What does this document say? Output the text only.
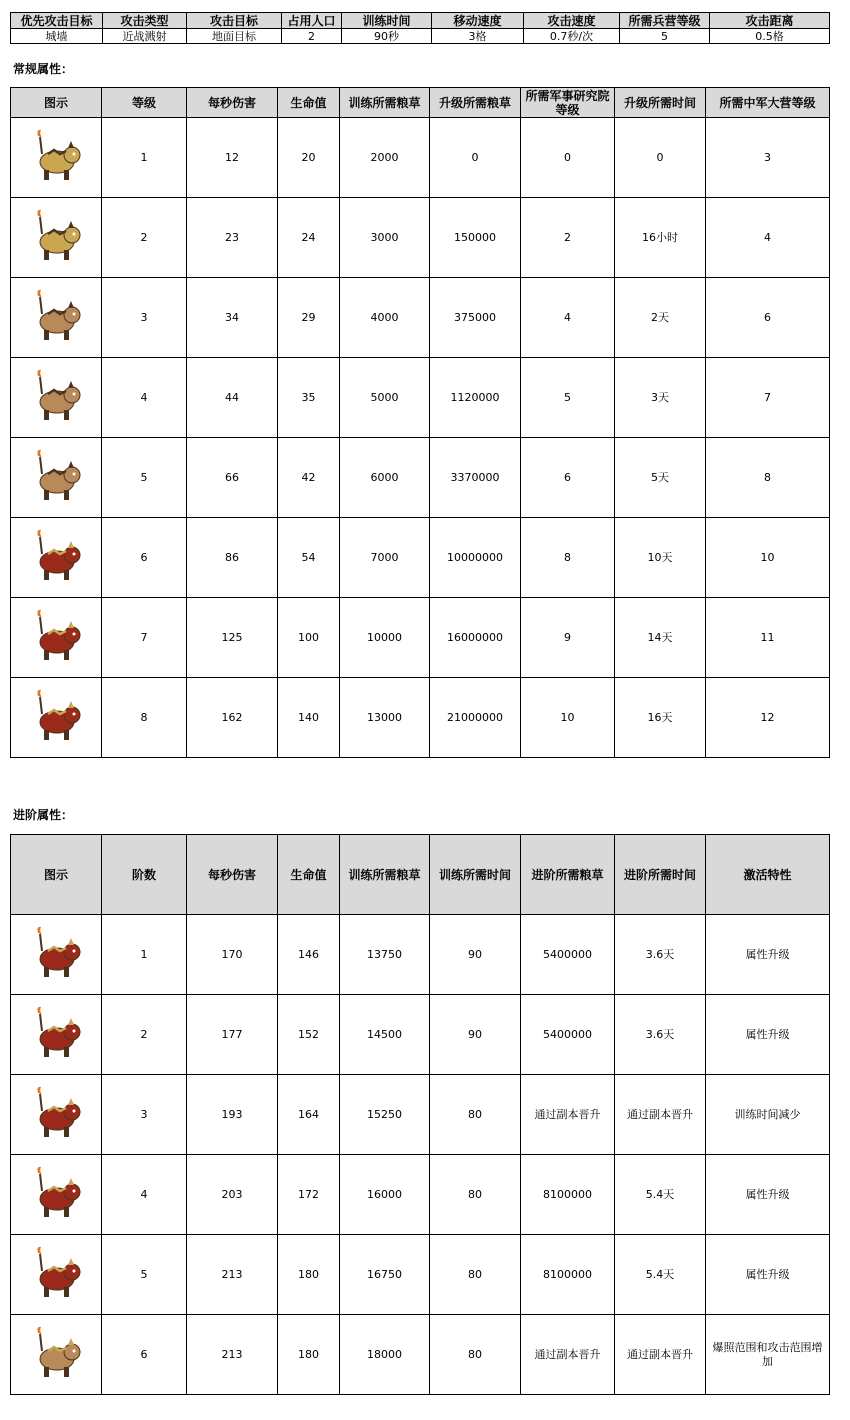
优先攻击目标	攻击类型	攻击目标	占用人口	训练时间	移动速度	攻击速度	所需兵营等级	攻击距离
城墙	近战溅射	地面目标	2	90秒	3格	0.7秒/次	5	0.5格

常规属性：

图示	等级	每秒伤害	生命值	训练所需粮草	升级所需粮草	所需军事研究院等级	升级所需时间	所需中军大营等级

	1	12	20	2000	0	0	0	3

	2	23	24	3000	150000	2	16小时	4

	3	34	29	4000	375000	4	2天	6

	4	44	35	5000	1120000	5	3天	7

	5	66	42	6000	3370000	6	5天	8

	6	86	54	7000	10000000	8	10天	10

	7	125	100	10000	16000000	9	14天	11

	8	162	140	13000	21000000	10	16天	12

进阶属性：

图示	阶数	每秒伤害	生命值	训练所需粮草	训练所需时间	进阶所需粮草	进阶所需时间	激活特性

	1	170	146	13750	90	5400000	3.6天	属性升级

	2	177	152	14500	90	5400000	3.6天	属性升级

	3	193	164	15250	80	通过副本晋升	通过副本晋升	训练时间减少

	4	203	172	16000	80	8100000	5.4天	属性升级

	5	213	180	16750	80	8100000	5.4天	属性升级

	6	213	180	18000	80	通过副本晋升	通过副本晋升	爆照范围和攻击范围增加
